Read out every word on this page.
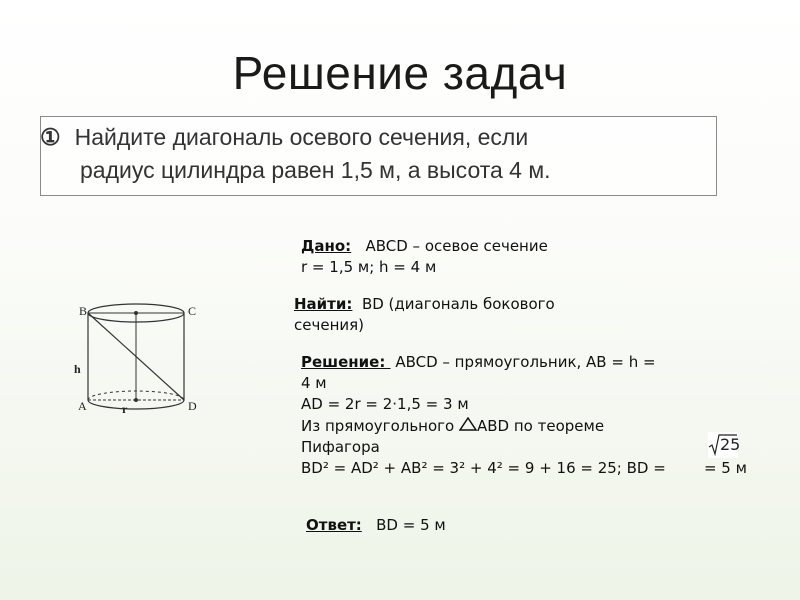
Решение задач
① Найдите диагональ осевого сечения, если
радиус цилиндра равен 1,5 м, а высота 4 м.
B	C
A	D
h
r
Дано: ABCD – осевое сечение
r = 1,5 м; h = 4 м
Найти: BD (диагональ бокового
сечения)
Решение:  ABCD – прямоугольник, AB = h =
4 м
AD = 2r = 2·1,5 = 3 м
Из прямоугольного ABD по теореме
Пифагора
BD² = AD² + AB² = 3² + 4² = 9 + 16 = 25; BD =	= 5 м
25
Ответ: BD = 5 м
